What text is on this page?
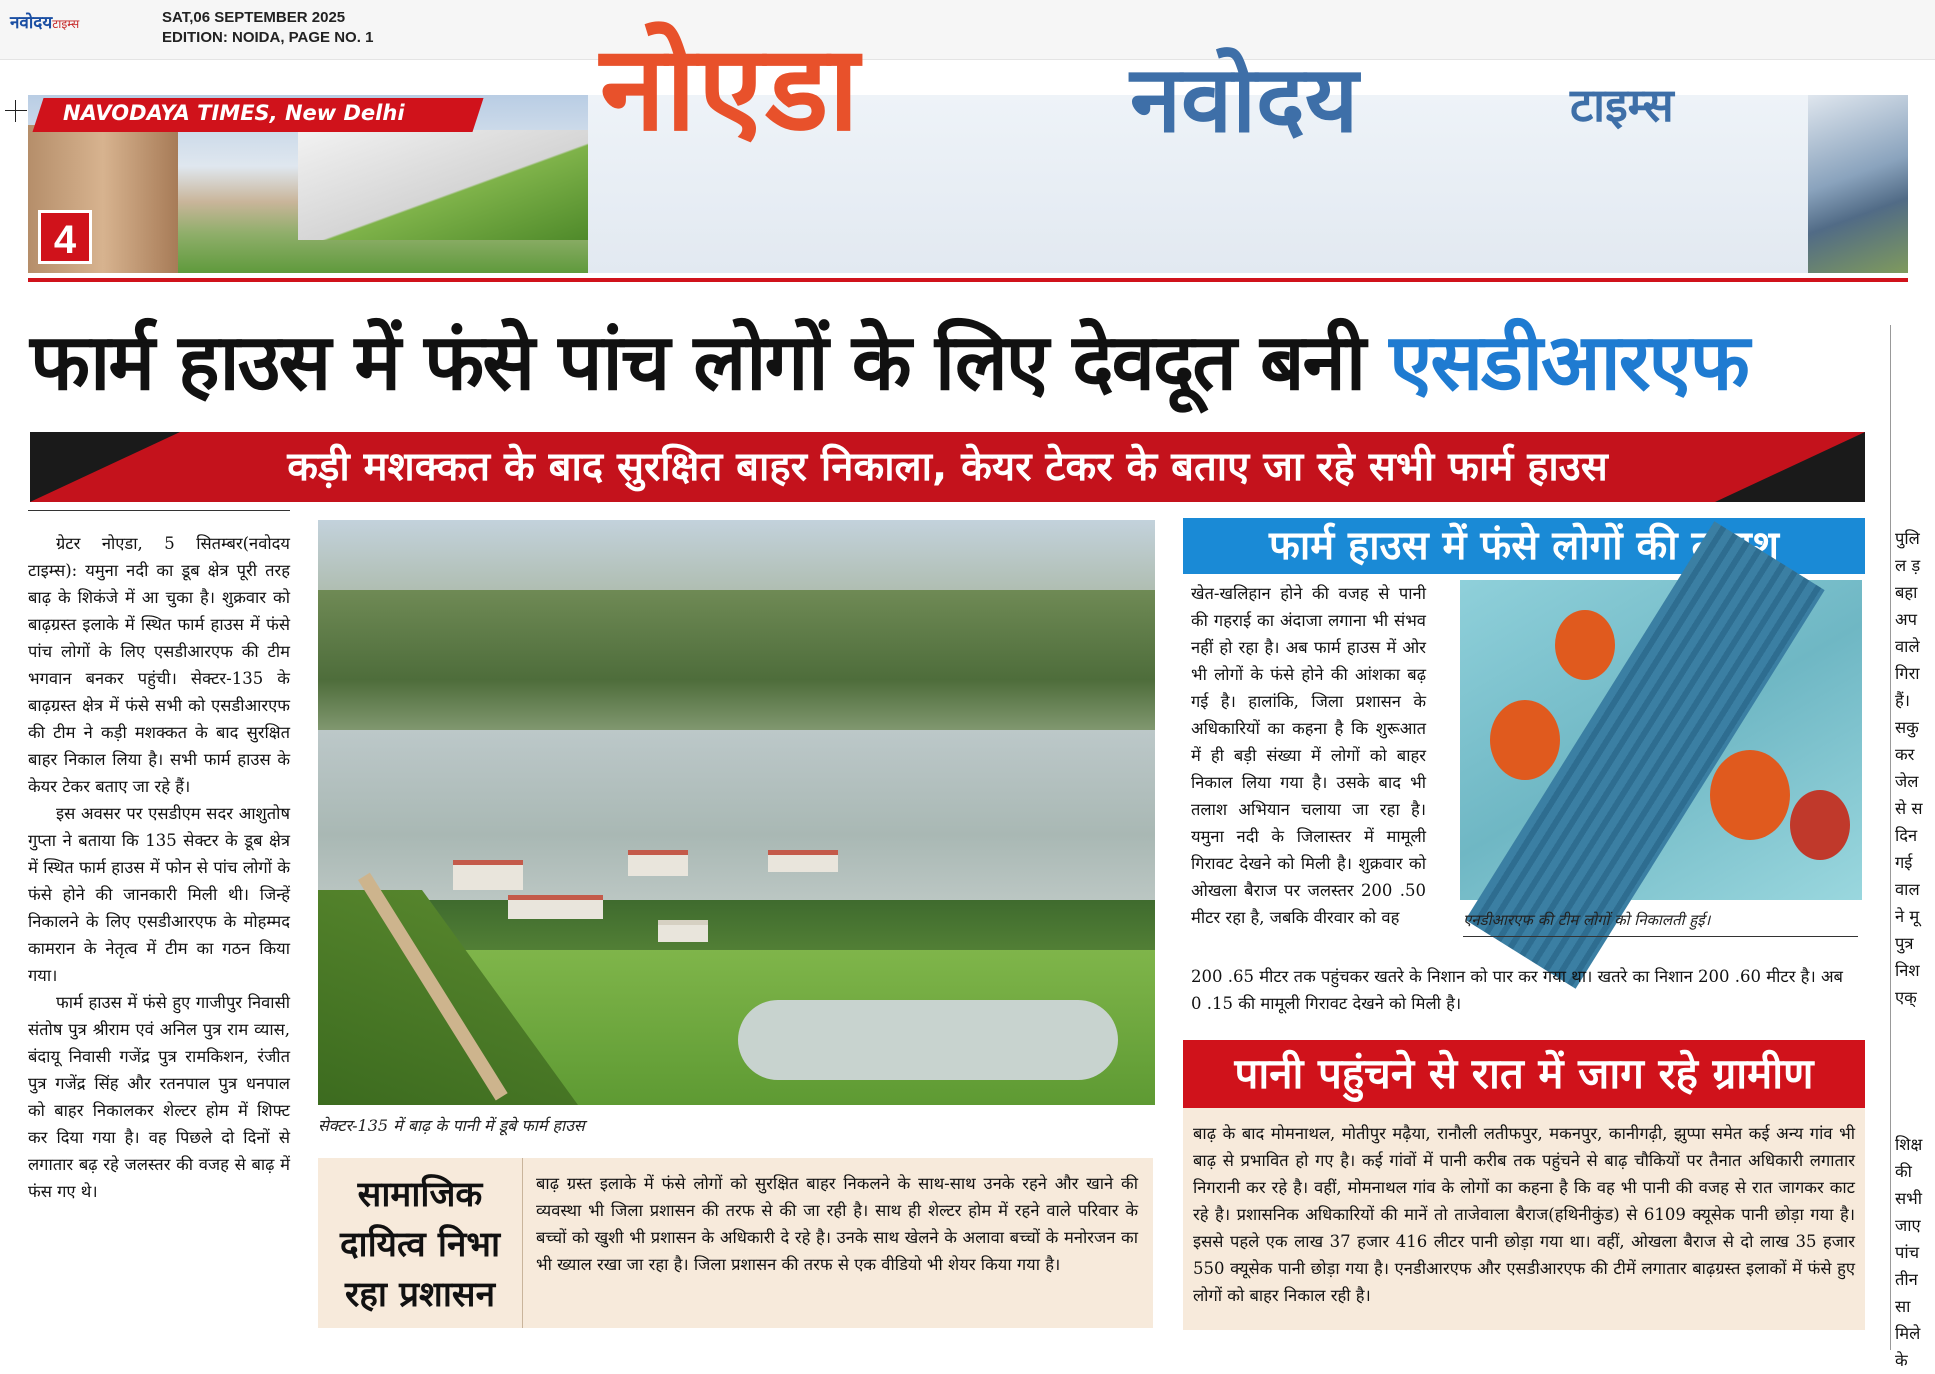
नवोदयटाइम्स	SAT,06 SEPTEMBER 2025
EDITION: NOIDA, PAGE NO. 1
NAVODAYA TIMES, New Delhi
4
नोएडा	नवोदय	टाइम्स
फार्म हाउस में फंसे पांच लोगों के लिए देवदूत बनी एसडीआरएफ
कड़ी मशक्कत के बाद सुरक्षित बाहर निकाला, केयर टेकर के बताए जा रहे सभी फार्म हाउस

ग्रेटर नोएडा, 5 सितम्बर(नवोदय टाइम्स): यमुना नदी का डूब क्षेत्र पूरी तरह बाढ़ के शिकंजे में आ चुका है। शुक्रवार को बाढ़ग्रस्त इलाके में स्थित फार्म हाउस में फंसे पांच लोगों के लिए एसडीआरएफ की टीम भगवान बनकर पहुंची। सेक्टर-135 के बाढ़ग्रस्त क्षेत्र में फंसे सभी को एसडीआरएफ की टीम ने कड़ी मशक्कत के बाद सुरक्षित बाहर निकाल लिया है। सभी फार्म हाउस के केयर टेकर बताए जा रहे हैं।

इस अवसर पर एसडीएम सदर आशुतोष गुप्ता ने बताया कि 135 सेक्टर के डूब क्षेत्र में स्थित फार्म हाउस में फोन से पांच लोगों के फंसे होने की जानकारी मिली थी। जिन्हें निकालने के लिए एसडीआरएफ के मोहम्मद कामरान के नेतृत्व में टीम का गठन किया गया।

फार्म हाउस में फंसे हुए गाजीपुर निवासी संतोष पुत्र श्रीराम एवं अनिल पुत्र राम व्यास, बंदायू निवासी गजेंद्र पुत्र रामकिशन, रंजीत पुत्र गजेंद्र सिंह और रतनपाल पुत्र धनपाल को बाहर निकालकर शेल्टर होम में शिफ्ट कर दिया गया है। वह पिछले दो दिनों से लगातार बढ़ रहे जलस्तर की वजह से बाढ़ में फंस गए थे।

सेक्टर-135 में बाढ़ के पानी में डूबे फार्म हाउस
सामाजिक दायित्व निभा रहा प्रशासन
बाढ़ ग्रस्त इलाके में फंसे लोगों को सुरक्षित बाहर निकलने के साथ-साथ उनके रहने और खाने की व्यवस्था भी जिला प्रशासन की तरफ से की जा रही है। साथ ही शेल्टर होम में रहने वाले परिवार के बच्चों को खुशी भी प्रशासन के अधिकारी दे रहे है। उनके साथ खेलने के अलावा बच्चों के मनोरजन का भी ख्याल रखा जा रहा है। जिला प्रशासन की तरफ से एक वीडियो भी शेयर किया गया है।
फार्म हाउस में फंसे लोगों की तलाश
खेत-खलिहान होने की वजह से पानी की गहराई का अंदाजा लगाना भी संभव नहीं हो रहा है। अब फार्म हाउस में ओर भी लोगों के फंसे होने की आंशका बढ़ गई है। हालांकि, जिला प्रशासन के अधिकारियों का कहना है कि शुरूआत में ही बड़ी संख्या में लोगों को बाहर निकाल लिया गया है। उसके बाद भी तलाश अभियान चलाया जा रहा है। यमुना नदी के जिलास्तर में मामूली गिरावट देखने को मिली है। शुक्रवार को ओखला बैराज पर जलस्तर 200 .50 मीटर रहा है, जबकि वीरवार को वह	एनडीआरएफ की टीम लोगों को निकालती हुई।
200 .65 मीटर तक पहुंचकर खतरे के निशान को पार कर गया था। खतरे का निशान 200 .60 मीटर है। अब 0 .15 की मामूली गिरावट देखने को मिली है।
पानी पहुंचने से रात में जाग रहे ग्रामीण
बाढ़ के बाद मोमनाथल, मोतीपुर मढ़ैया, रानौली लतीफपुर, मकनपुर, कानीगढ़ी, झुप्पा समेत कई अन्य गांव भी बाढ़ से प्रभावित हो गए है। कई गांवों में पानी करीब तक पहुंचने से बाढ़ चौकियों पर तैनात अधिकारी लगातार निगरानी कर रहे है। वहीं, मोमनाथल गांव के लोगों का कहना है कि वह भी पानी की वजह से रात जागकर काट रहे है। प्रशासनिक अधिकारियों की मानें तो ताजेवाला बैराज(हथिनीकुंड) से 6109 क्यूसेक पानी छोड़ा गया है। इससे पहले एक लाख 37 हजार 416 लीटर पानी छोड़ा गया था। वहीं, ओखला बैराज से दो लाख 35 हजार 550 क्यूसेक पानी छोड़ा गया है। एनडीआरएफ और एसडीआरएफ की टीमें लगातार बाढ़ग्रस्त इलाकों में फंसे हुए लोगों को बाहर निकाल रही है।
पुलि
ल ड़
बहा
अप
वाले
गिरा
हैं।
सकु
कर
जेल
से स
दिन
गई
वाल
ने मू
पुत्र
निश
एक्
शिक्ष
की
सभी
जाए
पांच
तीन
सा
मिले
के
